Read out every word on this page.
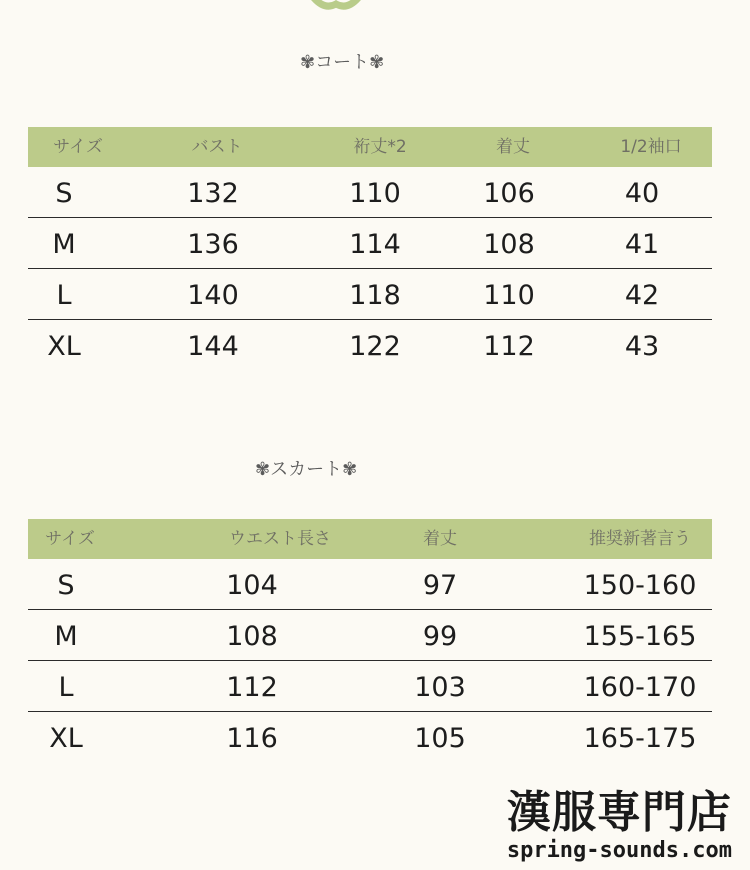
✾コート✾
サイズ	バスト	裄丈*2	着丈	1/2袖口
S	132	110	106	40
M	136	114	108	41
L	140	118	110	42
XL	144	122	112	43
✾スカート✾
サイズ	ウエスト長さ	着丈	推奨新著言う
S	104	97	150-160
M	108	99	155-165
L	112	103	160-170
XL	116	105	165-175
漢服専門店
spring-sounds.com
